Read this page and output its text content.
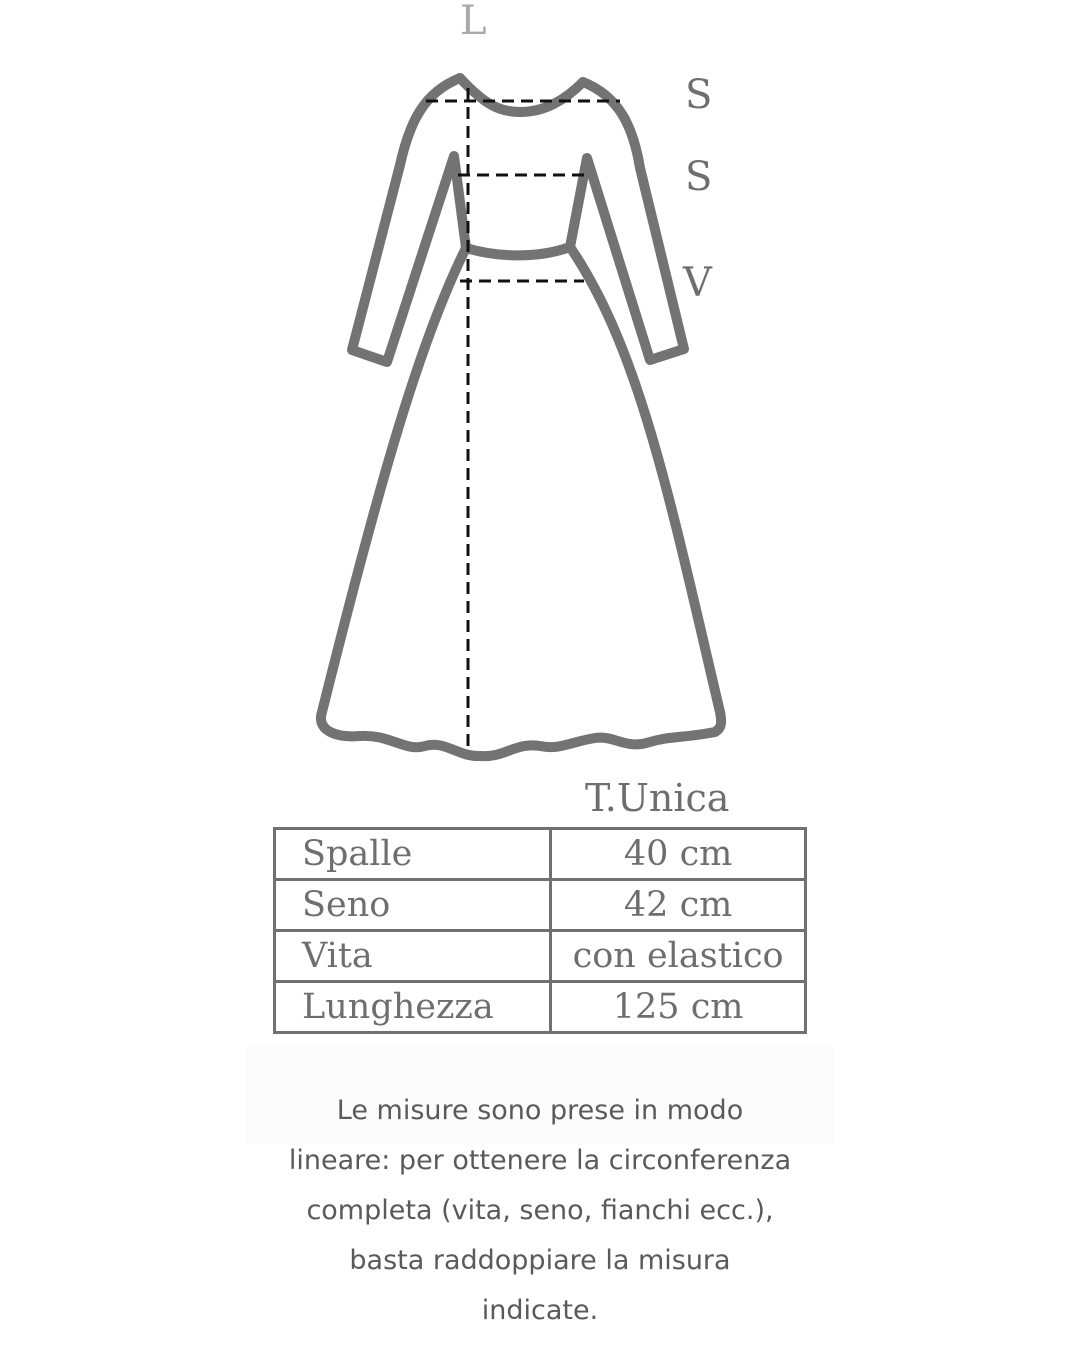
L
S
S
V
T.Unica
Spalle	40 cm
Seno	42 cm
Vita	con elastico
Lunghezza	125 cm
Le misure sono prese in modo
lineare: per ottenere la circonferenza
completa (vita, seno, fianchi ecc.),
basta raddoppiare la misura
indicate.
